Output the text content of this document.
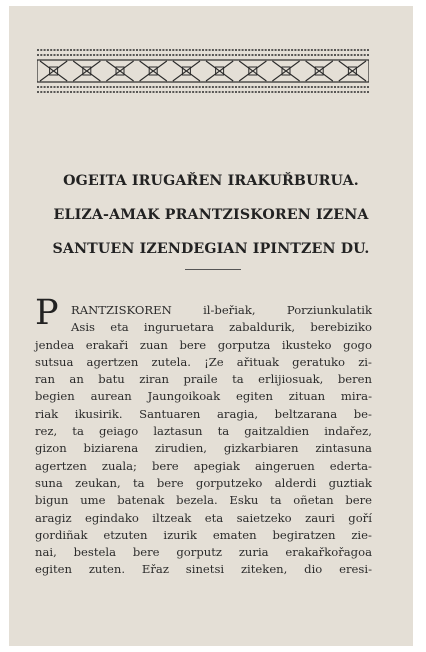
OGEITA IRUGAŘEN IRAKUŘBURUA.
ELIZA-AMAK PRANTZISKOREN IZENA
SANTUEN IZENDEGIAN IPINTZEN DU.
P RANTZISKOREN	il-beřiak,	Porziunkulatik
Asis eta inguruetara zabaldurik, berebiziko
jendea erakaři zuan bere gorputza ikusteko gogo
sutsua agertzen zutela. ¡Ze ařituak geratuko zi-
ran an batu ziran praile ta erlijiosuak, beren
begien aurean Jaungoikoak egiten zituan mira-
riak ikusirik. Santuaren aragia, beltzarana be-
rez, ta geiago laztasun ta gaitzaldien indařez,
gizon biziarena zirudien, gizkarbiaren zintasuna
agertzen zuala; bere apegiak aingeruen ederta-
suna zeukan, ta bere gorputzeko alderdi guztiak
bigun ume batenak bezela. Esku ta oñetan bere
aragiz egindako iltzeak eta saietzeko zauri goří
gordiñak etzuten izurik ematen begiratzen zie-
nai, bestela bere gorputz zuria erakařkořagoa
egiten zuten. Eřaz sinetsi ziteken, dio eresi-
